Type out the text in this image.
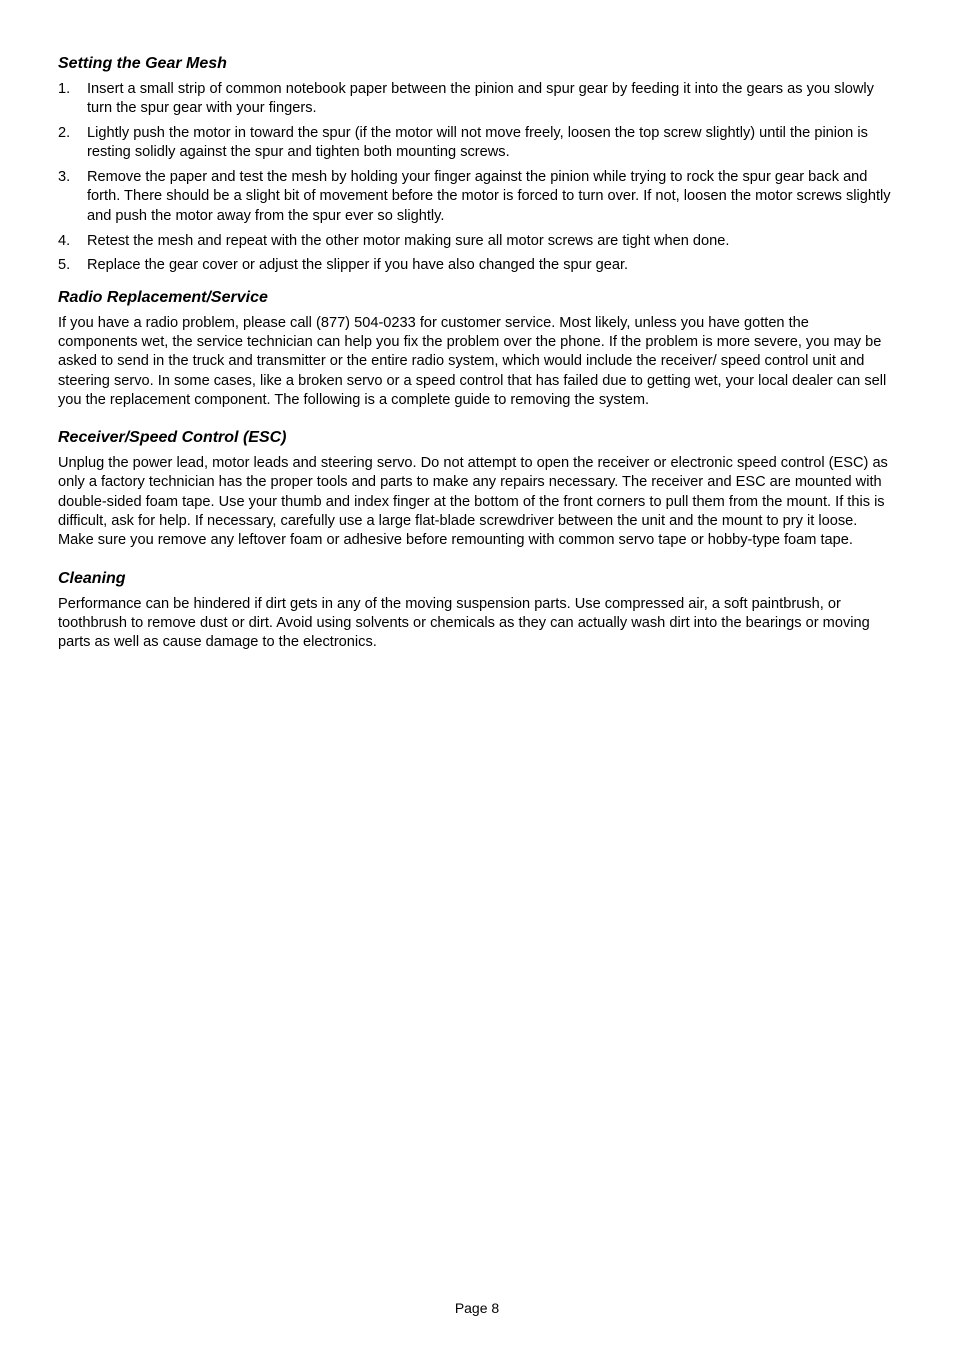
Setting the Gear Mesh
1. Insert a small strip of common notebook paper between the pinion and spur gear by feeding it into the gears as you slowly turn the spur gear with your fingers.
2. Lightly push the motor in toward the spur (if the motor will not move freely, loosen the top screw slightly) until the pinion is resting solidly against the spur and tighten both mounting screws.
3. Remove the paper and test the mesh by holding your finger against the pinion while trying to rock the spur gear back and forth. There should be a slight bit of movement before the motor is forced to turn over. If not, loosen the motor screws slightly and push the motor away from the spur ever so slightly.
4. Retest the mesh and repeat with the other motor making sure all motor screws are tight when done.
5. Replace the gear cover or adjust the slipper if you have also changed the spur gear.
Radio Replacement/Service

If you have a radio problem, please call (877) 504-0233 for customer service. Most likely, unless you have gotten the components wet, the service technician can help you fix the problem over the phone. If the problem is more severe, you may be asked to send in the truck and transmitter or the entire radio system, which would include the receiver/ speed control unit and steering servo. In some cases, like a broken servo or a speed control that has failed due to getting wet, your local dealer can sell you the replacement component. The following is a complete guide to removing the system.

Receiver/Speed Control (ESC)

Unplug the power lead, motor leads and steering servo. Do not attempt to open the receiver or electronic speed control (ESC) as only a factory technician has the proper tools and parts to make any repairs necessary. The receiver and ESC are mounted with double-sided foam tape. Use your thumb and index finger at the bottom of the front corners to pull them from the mount. If this is difficult, ask for help. If necessary, carefully use a large flat-blade screwdriver between the unit and the mount to pry it loose. Make sure you remove any leftover foam or adhesive before remounting with common servo tape or hobby-type foam tape.

Cleaning

Performance can be hindered if dirt gets in any of the moving suspension parts. Use compressed air, a soft paintbrush, or toothbrush to remove dust or dirt. Avoid using solvents or chemicals as they can actually wash dirt into the bearings or moving parts as well as cause damage to the electronics.

Page 8
